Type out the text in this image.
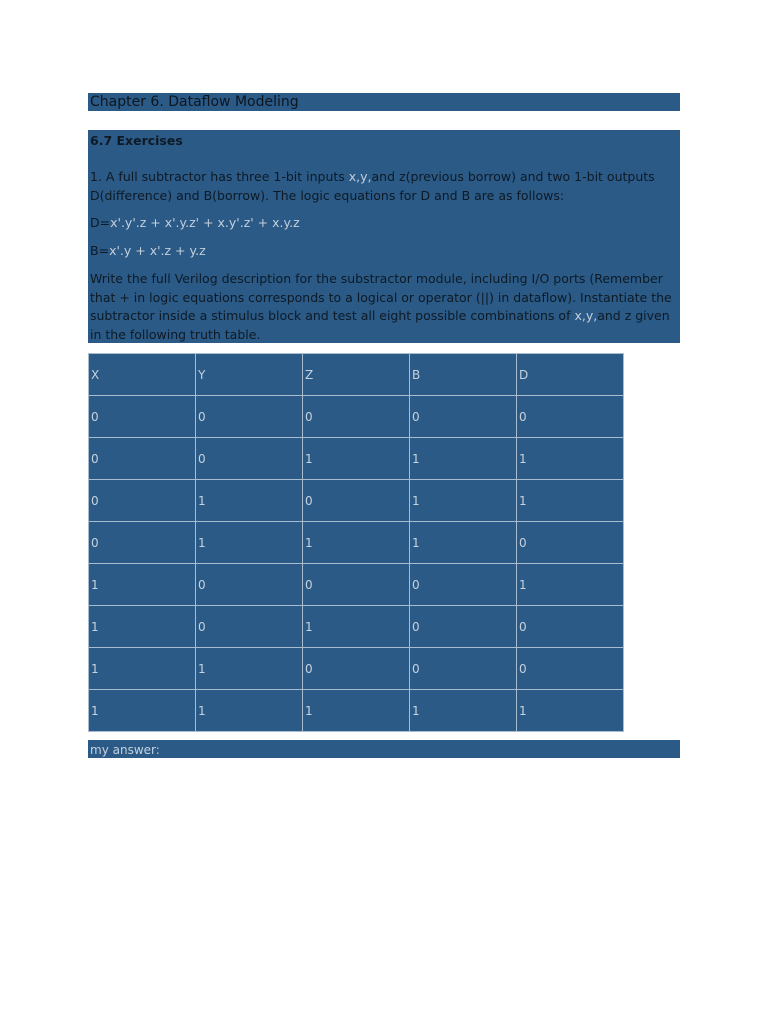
Chapter 6. Dataflow Modeling

6.7 Exercises

1. A full subtractor has three 1-bit inputs x,y,and z(previous borrow) and two 1-bit outputs D(difference) and B(borrow). The logic equations for D and B are as follows:

D=x'.y'.z + x'.y.z' + x.y'.z' + x.y.z

B=x'.y + x'.z + y.z

Write the full Verilog description for the substractor module, including I/O ports (Remember that + in logic equations corresponds to a logical or operator (||) in dataflow). Instantiate the subtractor inside a stimulus block and test all eight possible combinations of x,y,and z given in the following truth table.

X	Y	Z	B	D
0	0	0	0	0
0	0	1	1	1
0	1	0	1	1
0	1	1	1	0
1	0	0	0	1
1	0	1	0	0
1	1	0	0	0
1	1	1	1	1
my answer:
